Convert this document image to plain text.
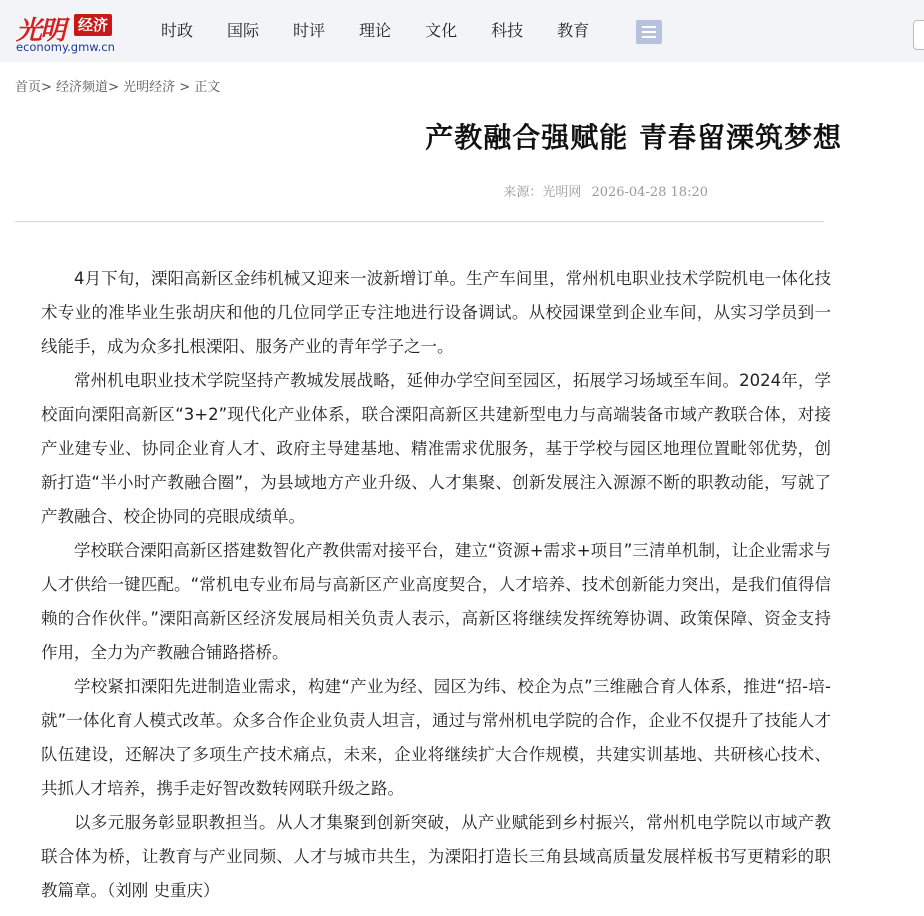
光明 经济
economy.gmw.cn
时政	国际	时评	理论	文化	科技	教育
首页> 经济频道> 光明经济 > 正文
产教融合强赋能 青春留溧筑梦想
来源：光明网 2026-04-28 18:20

4月下旬，溧阳高新区金纬机械又迎来一波新增订单。生产车间里，常州机电职业技术学院机电一体化技术专业的准毕业生张胡庆和他的几位同学正专注地进行设备调试。从校园课堂到企业车间，从实习学员到一线能手，成为众多扎根溧阳、服务产业的青年学子之一。

常州机电职业技术学院坚持产教城发展战略，延伸办学空间至园区，拓展学习场域至车间。2024年，学校面向溧阳高新区“3+2”现代化产业体系，联合溧阳高新区共建新型电力与高端装备市域产教联合体，对接产业建专业、协同企业育人才、政府主导建基地、精准需求优服务，基于学校与园区地理位置毗邻优势，创新打造“半小时产教融合圈”，为县域地方产业升级、人才集聚、创新发展注入源源不断的职教动能，写就了产教融合、校企协同的亮眼成绩单。

学校联合溧阳高新区搭建数智化产教供需对接平台，建立“资源+需求+项目”三清单机制，让企业需求与人才供给一键匹配。“常机电专业布局与高新区产业高度契合，人才培养、技术创新能力突出，是我们值得信赖的合作伙伴。”溧阳高新区经济发展局相关负责人表示，高新区将继续发挥统筹协调、政策保障、资金支持作用，全力为产教融合铺路搭桥。

学校紧扣溧阳先进制造业需求，构建“产业为经、园区为纬、校企为点”三维融合育人体系，推进“招-培-就”一体化育人模式改革。众多合作企业负责人坦言，通过与常州机电学院的合作，企业不仅提升了技能人才队伍建设，还解决了多项生产技术痛点，未来，企业将继续扩大合作规模，共建实训基地、共研核心技术、共抓人才培养，携手走好智改数转网联升级之路。

以多元服务彰显职教担当。从人才集聚到创新突破，从产业赋能到乡村振兴，常州机电学院以市域产教联合体为桥，让教育与产业同频、人才与城市共生，为溧阳打造长三角县域高质量发展样板书写更精彩的职教篇章。（刘刚 史重庆）
